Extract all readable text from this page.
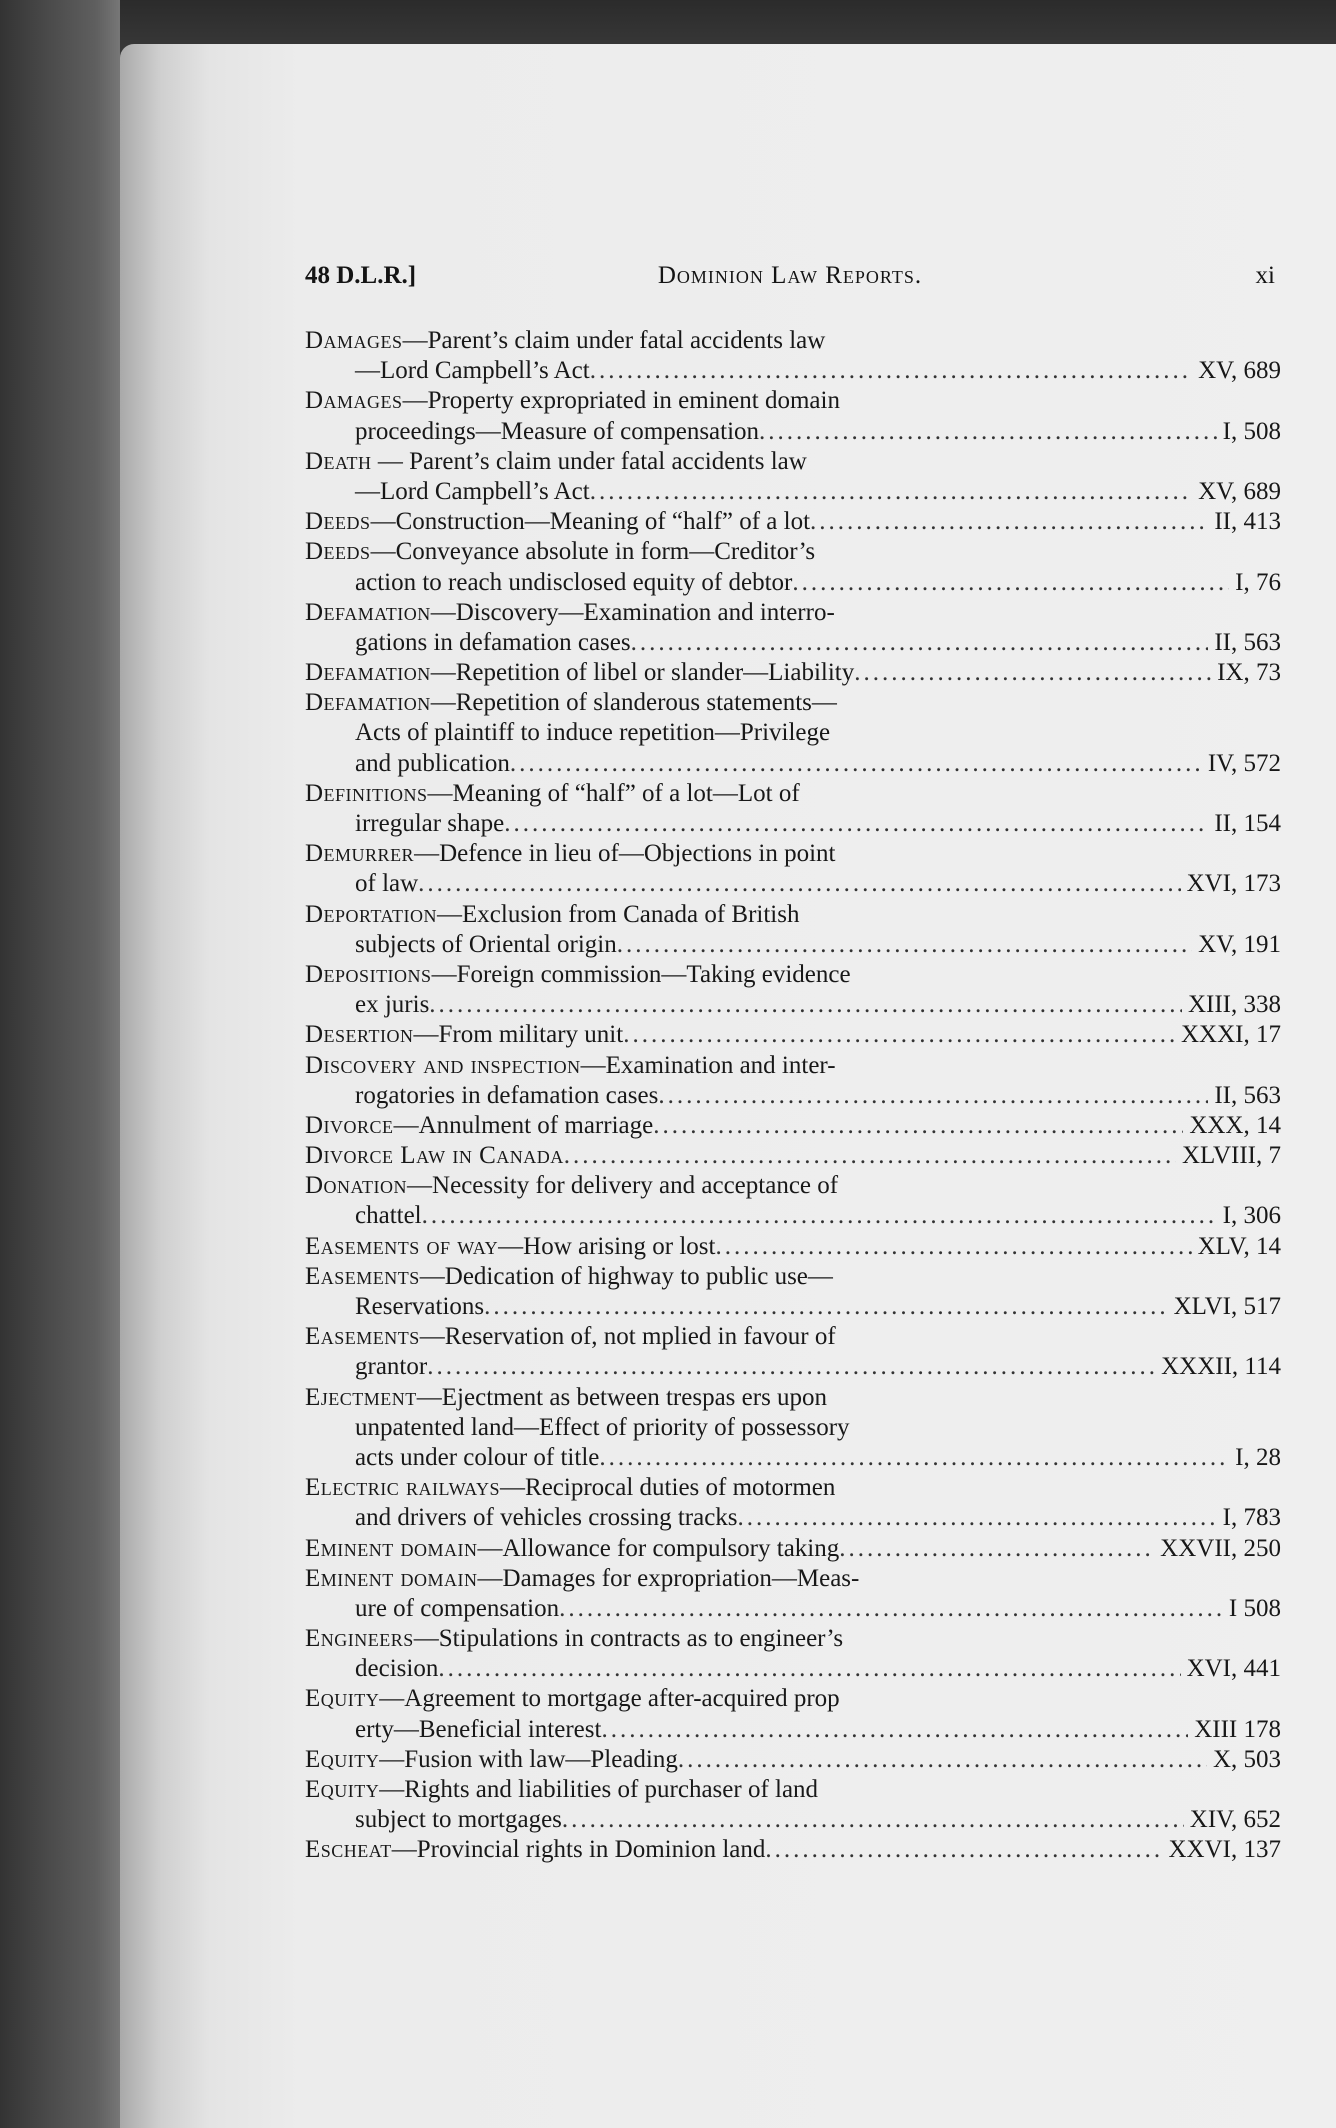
48 D.L.R.]	Dominion Law Reports.	xi
Damages—Parent’s claim under fatal accidents law
—Lord Campbell’s Act .....	XV, 689
Damages—Property expropriated in eminent domain
proceedings—Measure of compensation .....	I, 508
Death — Parent’s claim under fatal accidents law
—Lord Campbell’s Act .....	XV, 689
Deeds—Construction—Meaning of “half” of a lot .....	II, 413
Deeds—Conveyance absolute in form—Creditor’s
action to reach undisclosed equity of debtor .....	I, 76
Defamation—Discovery—Examination and interro-
gations in defamation cases .....	II, 563
Defamation—Repetition of libel or slander—Liability .....	IX, 73
Defamation—Repetition of slanderous statements—
Acts of plaintiff to induce repetition—Privilege
and publication .....	IV, 572
Definitions—Meaning of “half” of a lot—Lot of
irregular shape .....	II, 154
Demurrer—Defence in lieu of—Objections in point
of law .....	XVI, 173
Deportation—Exclusion from Canada of British
subjects of Oriental origin .....	XV, 191
Depositions—Foreign commission—Taking evidence
ex juris .....	XIII, 338
Desertion—From military unit .....	XXXI, 17
Discovery and inspection—Examination and inter-
rogatories in defamation cases .....	II, 563
Divorce—Annulment of marriage .....	XXX, 14
Divorce Law in Canada .....	XLVIII, 7
Donation—Necessity for delivery and acceptance of
chattel .....	I, 306
Easements of way—How arising or lost .....	XLV, 14
Easements—Dedication of highway to public use—
Reservations .....	XLVI, 517
Easements—Reservation of, not mplied in favour of
grantor .....	XXXII, 114
Ejectment—Ejectment as between trespas ers upon
unpatented land—Effect of priority of possessory
acts under colour of title .....	I, 28
Electric railways—Reciprocal duties of motormen
and drivers of vehicles crossing tracks .....	I, 783
Eminent domain—Allowance for compulsory taking .....	XXVII, 250
Eminent domain—Damages for expropriation—Meas-
ure of compensation .....	I 508
Engineers—Stipulations in contracts as to engineer’s
decision .....	XVI, 441
Equity—Agreement to mortgage after-acquired prop
erty—Beneficial interest .....	XIII 178
Equity—Fusion with law—Pleading .....	X, 503
Equity—Rights and liabilities of purchaser of land
subject to mortgages .....	XIV, 652
Escheat—Provincial rights in Dominion land .....	XXVI, 137
